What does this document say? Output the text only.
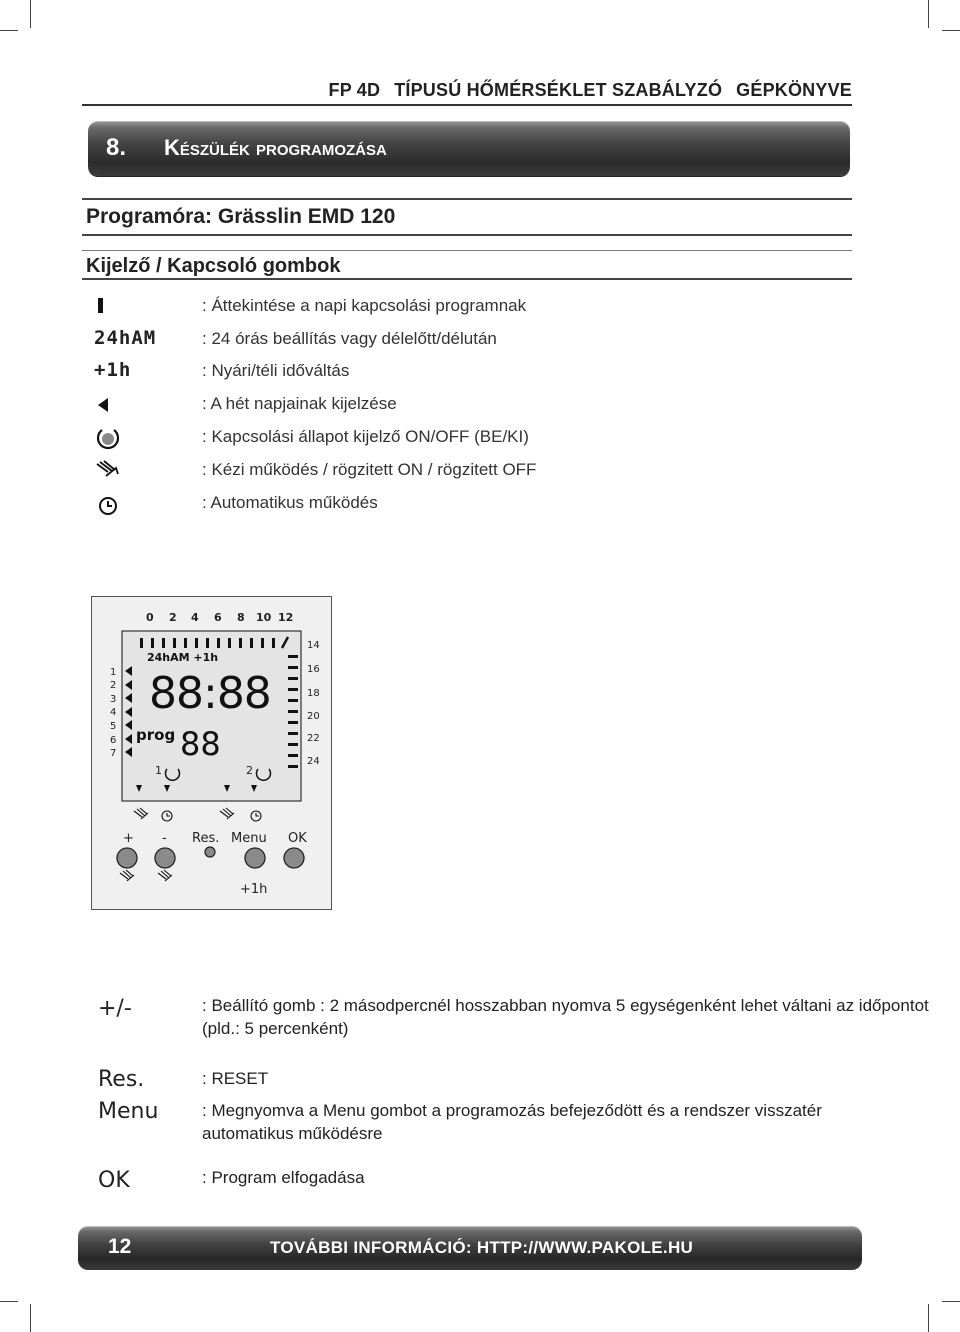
FP 4D TÍPUSÚ HŐMÉRSÉKLET SZABÁLYZÓ GÉPKÖNYVE
8. Készülék programozása
Programóra: Grässlin EMD 120
Kijelző / Kapcsoló gombok
: Áttekintése a napi kapcsolási programnak
24hAM	: 24 órás beállítás vagy délelőtt/délután
+1h	: Nyári/téli időváltás
: A hét napjainak kijelzése
: Kapcsolási állapot kijelző ON/OFF (BE/KI)
: Kézi működés / rögzitett ON / rögzitett OFF
: Automatikus működés
0 2 4 6 8 10 12
14
16
18
20
22
24
1
2
3
4
5
6
7
24hAM +1h
88:88
prog 88
1	2
+ - Res. Menu OK
+1h
+/-	: Beállító gomb : 2 másodpercnél hosszabban nyomva 5 egységenként lehet váltani az időpontot (pld.: 5 percenként)
Res.	: RESET
Menu	: Megnyomva a Menu gombot a programozás befejeződött és a rendszer visszatér automatikus működésre
OK	: Program elfogadása
12	TOVÁBBI INFORMÁCIÓ: HTTP://WWW.PAKOLE.HU
